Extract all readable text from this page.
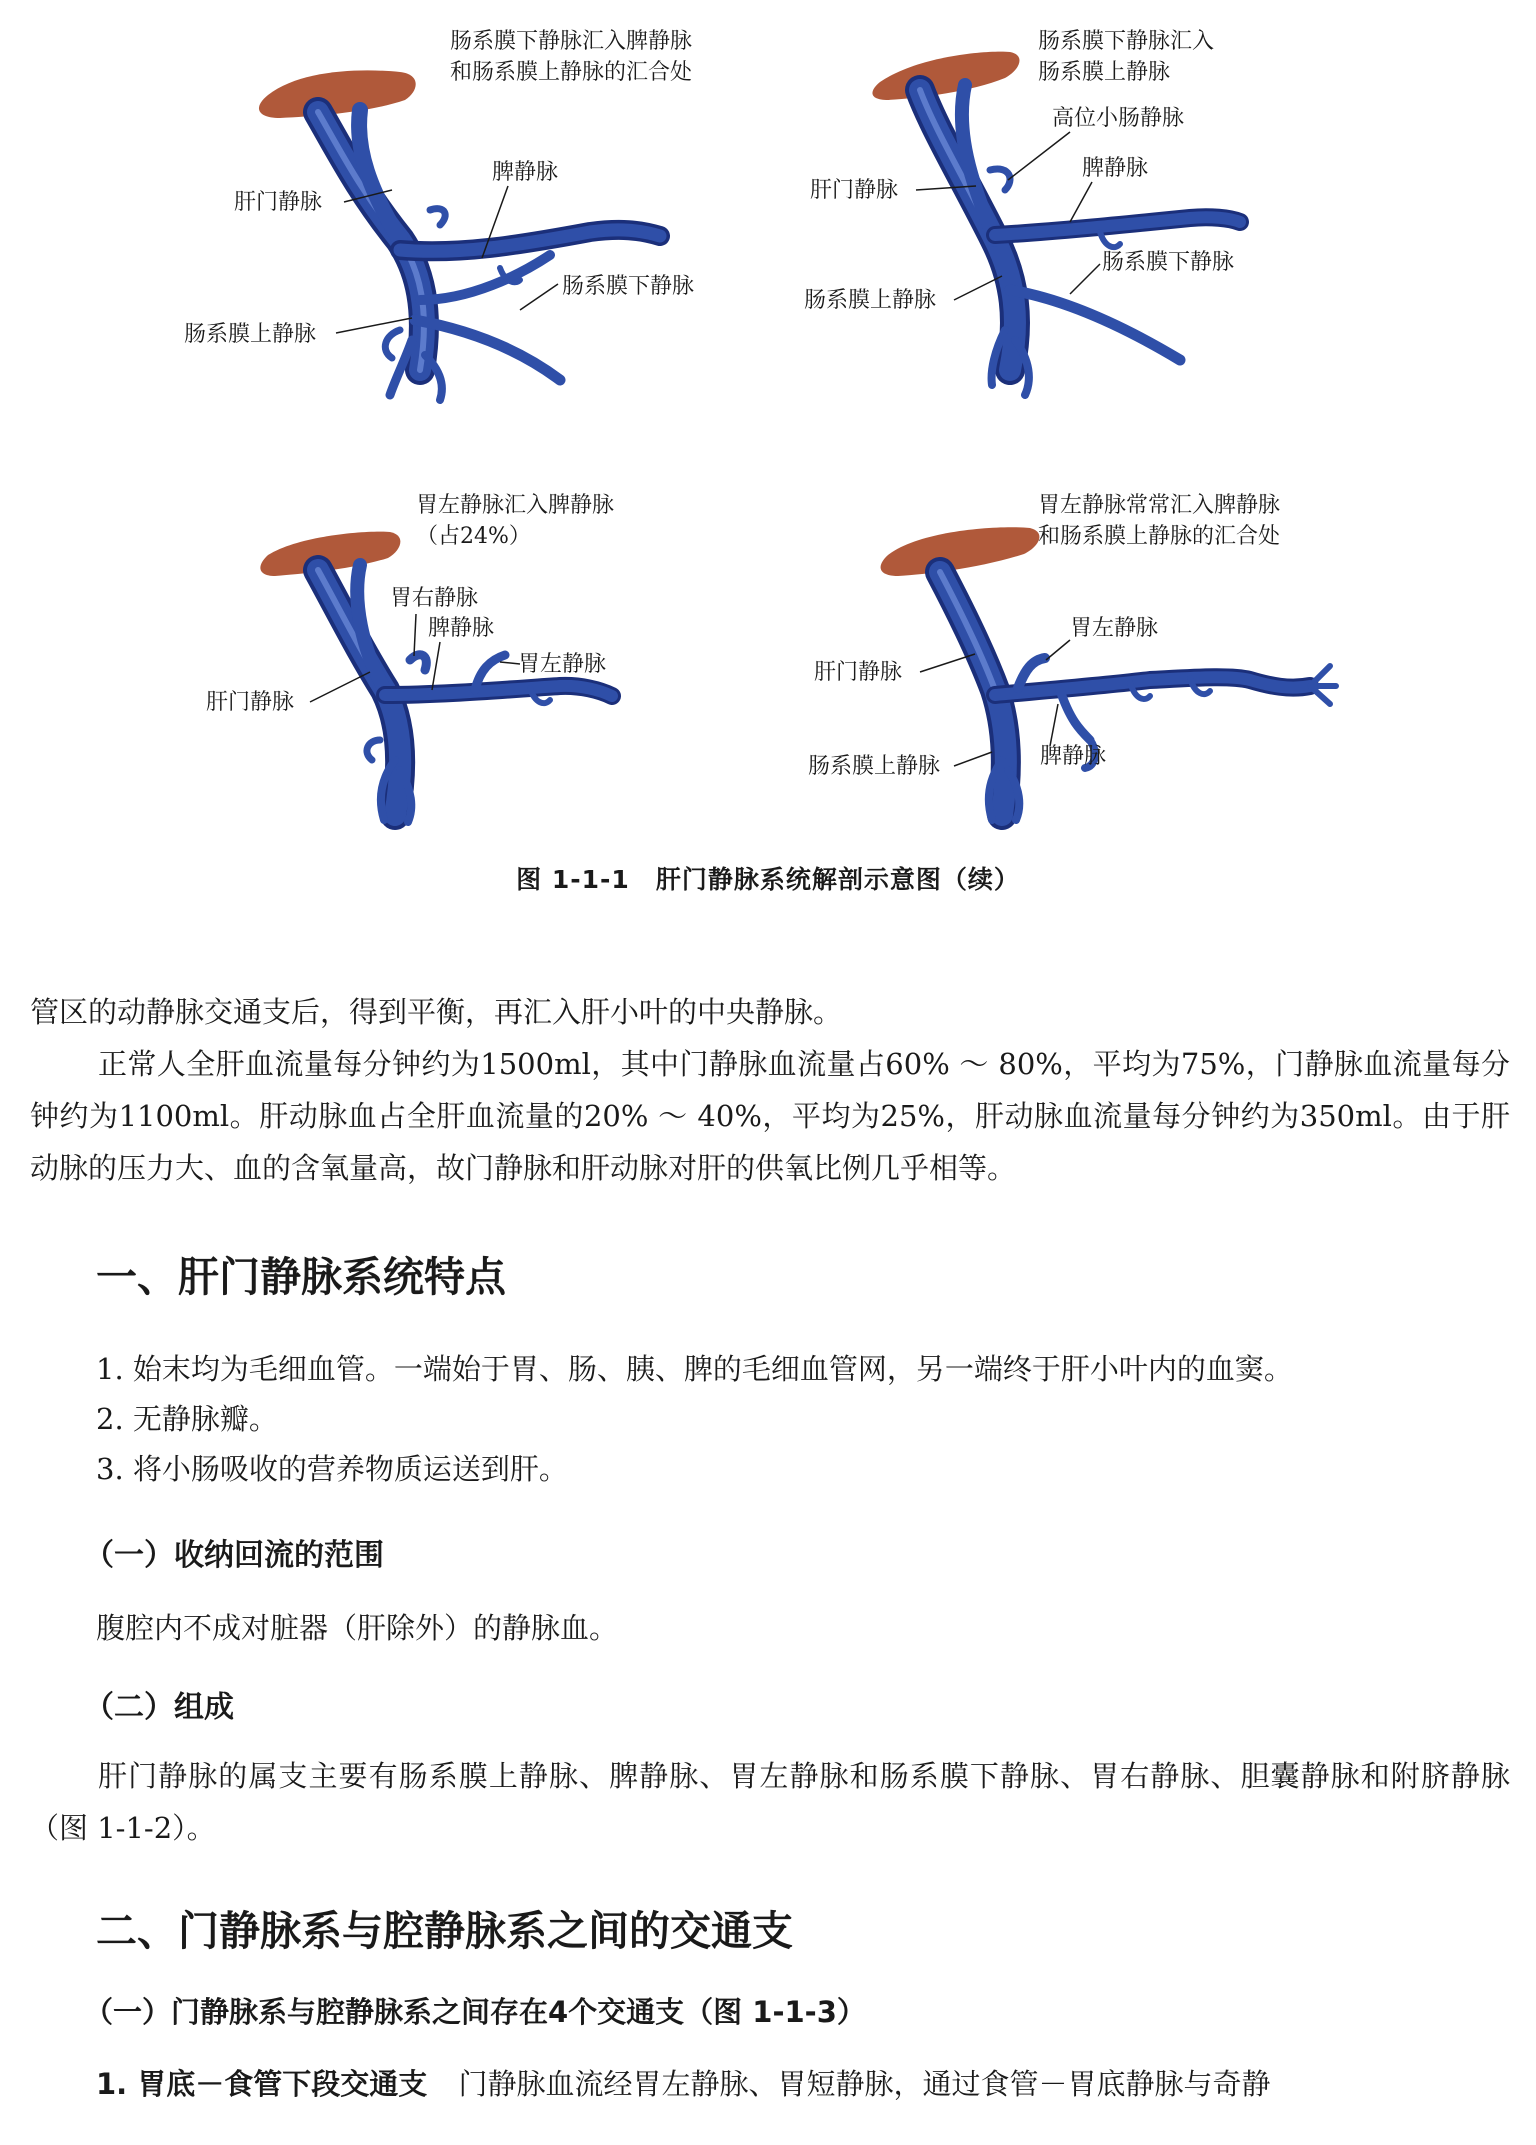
肠系膜下静脉汇入脾静脉
和肠系膜上静脉的汇合处
脾静脉
肝门静脉
肠系膜下静脉
肠系膜上静脉
肠系膜下静脉汇入
肠系膜上静脉
高位小肠静脉
脾静脉
肝门静脉
肠系膜下静脉
肠系膜上静脉
胃左静脉汇入脾静脉
（占24%）
胃右静脉
脾静脉
胃左静脉
肝门静脉
胃左静脉常常汇入脾静脉
和肠系膜上静脉的汇合处
胃左静脉
肝门静脉
肠系膜上静脉	脾静脉
图 1-1-1　肝门静脉系统解剖示意图（续）
管区的动静脉交通支后，得到平衡，再汇入肝小叶的中央静脉。
正常人全肝血流量每分钟约为1500ml，其中门静脉血流量占60% ～ 80%，平均为75%，门静脉血流量每分钟约为1100ml。肝动脉血占全肝血流量的20% ～ 40%，平均为25%，肝动脉血流量每分钟约为350ml。由于肝动脉的压力大、血的含氧量高，故门静脉和肝动脉对肝的供氧比例几乎相等。
一、肝门静脉系统特点
1. 始末均为毛细血管。一端始于胃、肠、胰、脾的毛细血管网，另一端终于肝小叶内的血窦。
2. 无静脉瓣。
3. 将小肠吸收的营养物质运送到肝。
（一）收纳回流的范围
腹腔内不成对脏器（肝除外）的静脉血。
（二）组成
肝门静脉的属支主要有肠系膜上静脉、脾静脉、胃左静脉和肠系膜下静脉、胃右静脉、胆囊静脉和附脐静脉（图 1-1-2）。
二、门静脉系与腔静脉系之间的交通支
（一）门静脉系与腔静脉系之间存在4个交通支（图 1-1-3）
1. 胃底－食管下段交通支 门静脉血流经胃左静脉、胃短静脉，通过食管－胃底静脉与奇静
